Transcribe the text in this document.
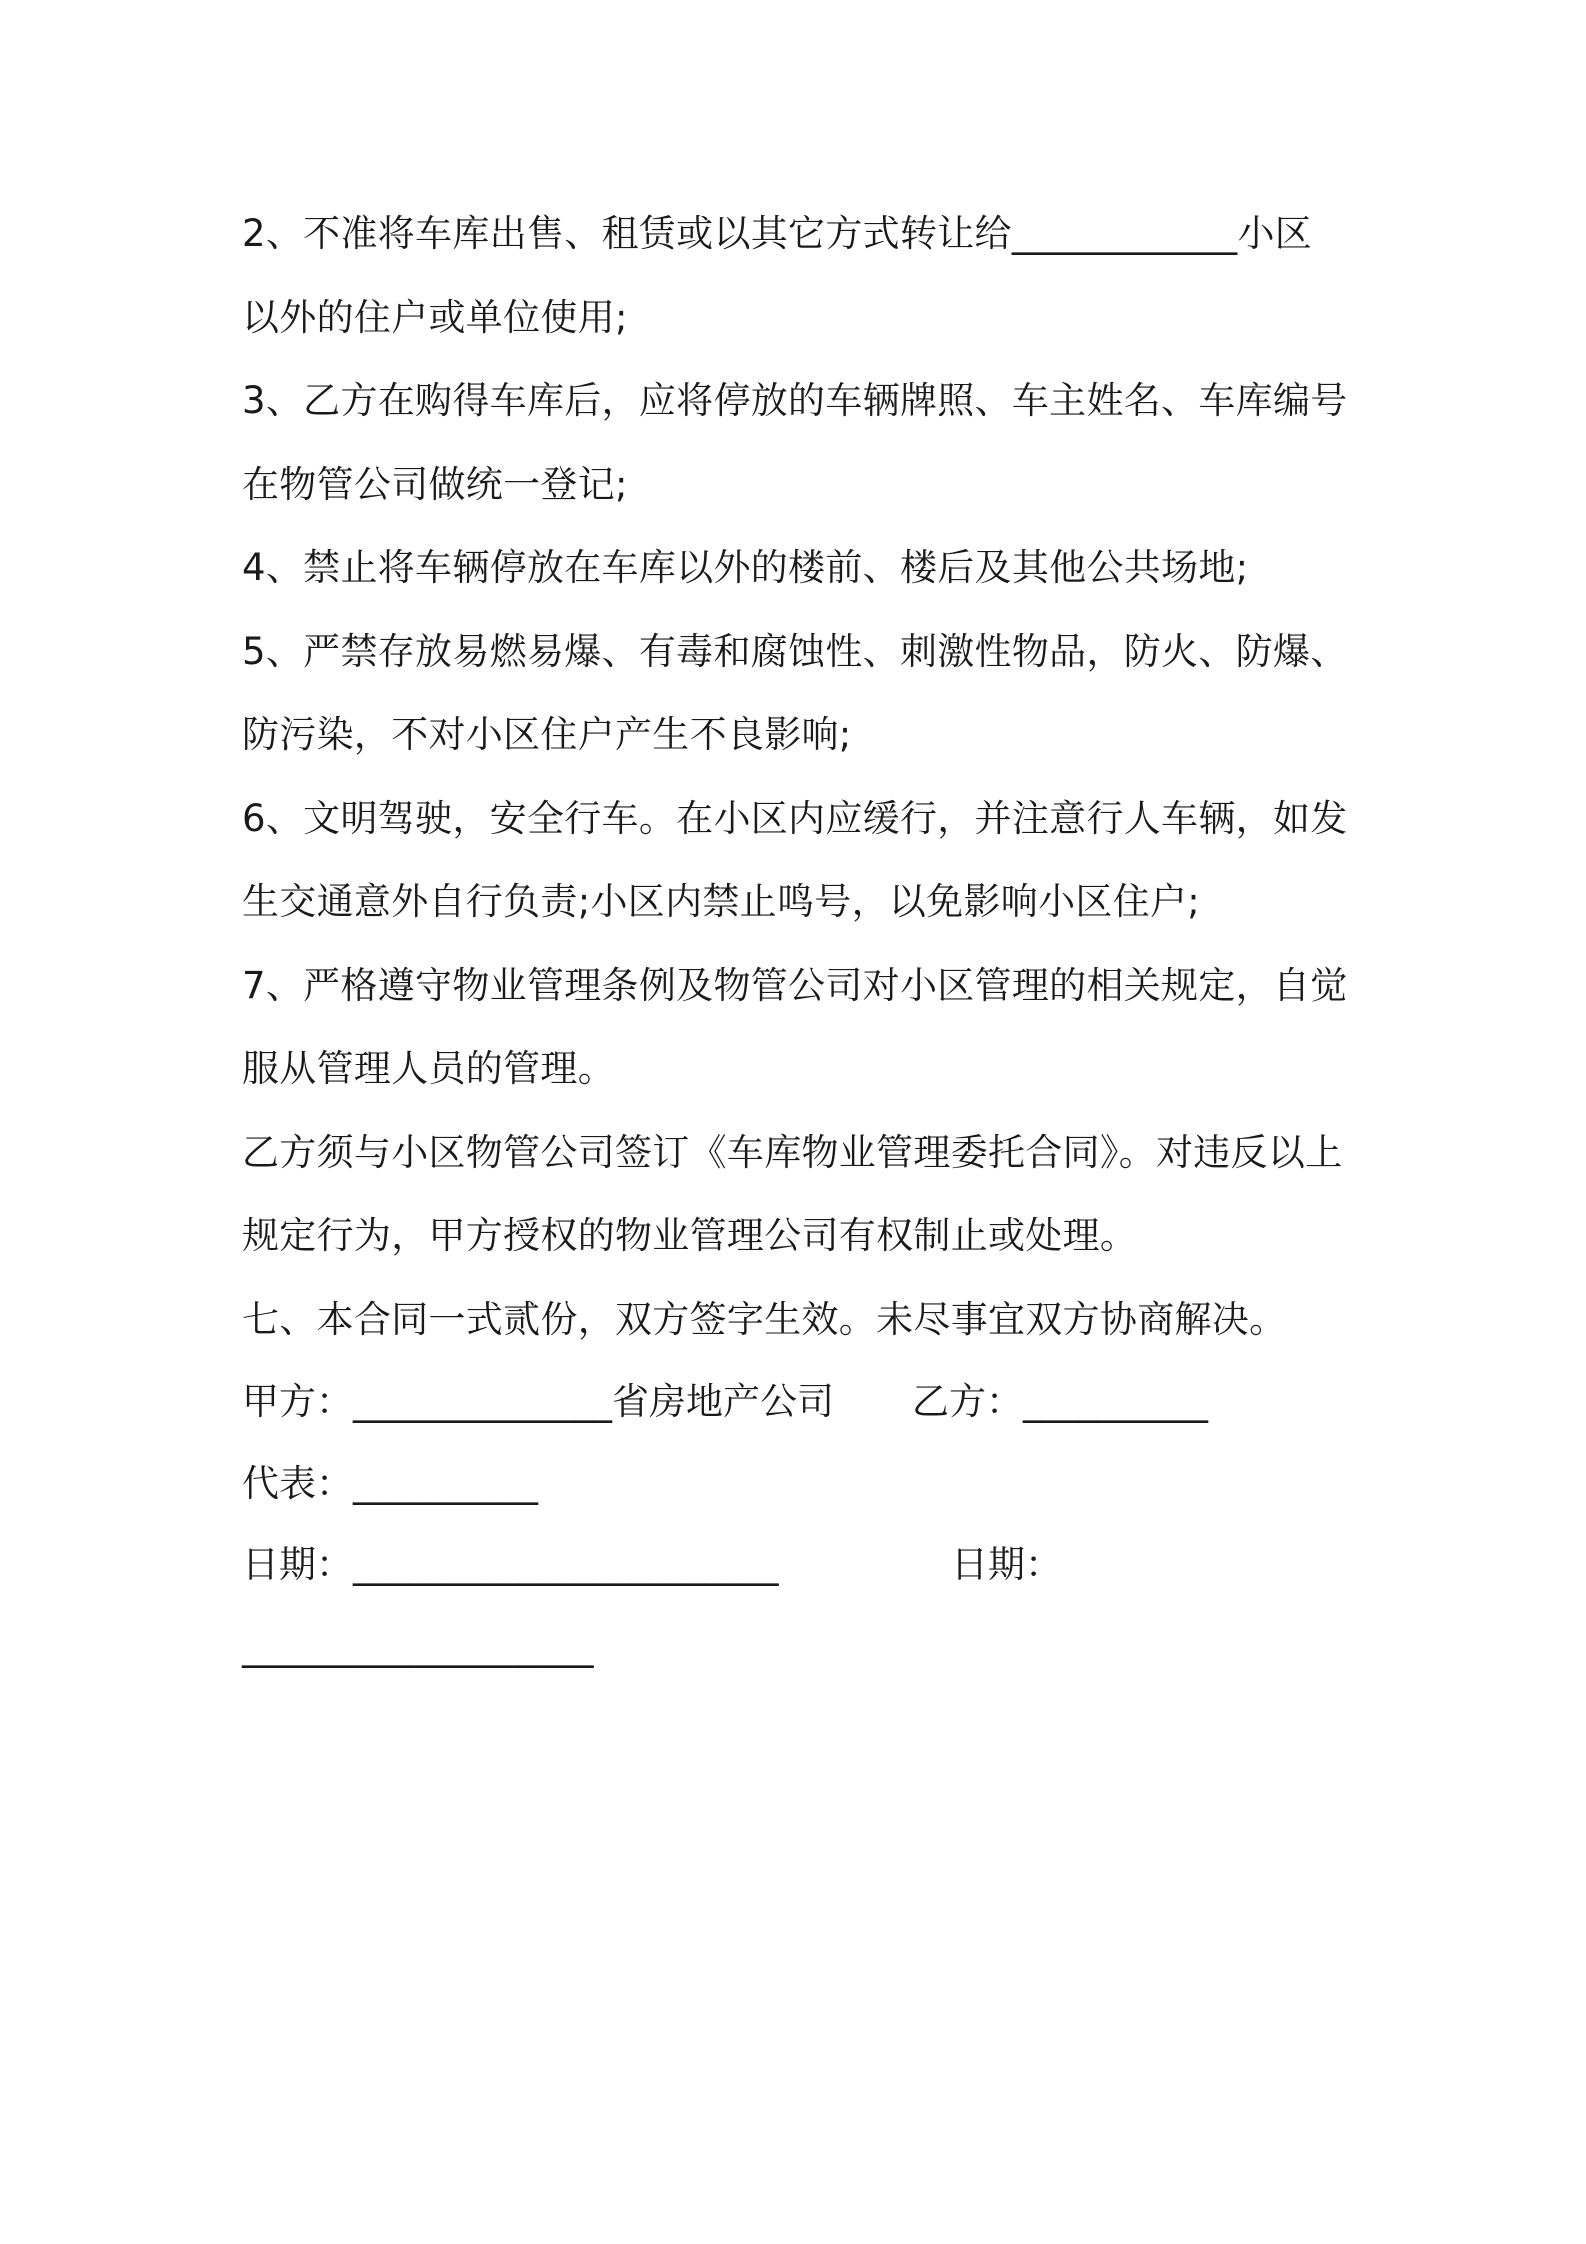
2、不准将车库出售、租赁或以其它方式转让给____________小区
以外的住户或单位使用;
3、乙方在购得车库后，应将停放的车辆牌照、车主姓名、车库编号
在物管公司做统一登记;
4、禁止将车辆停放在车库以外的楼前、楼后及其他公共场地;
5、严禁存放易燃易爆、有毒和腐蚀性、刺激性物品，防火、防爆、
防污染，不对小区住户产生不良影响;
6、文明驾驶，安全行车。在小区内应缓行，并注意行人车辆，如发
生交通意外自行负责;小区内禁止鸣号，以免影响小区住户;
7、严格遵守物业管理条例及物管公司对小区管理的相关规定，自觉
服从管理人员的管理。
乙方须与小区物管公司签订《车库物业管理委托合同》。对违反以上
规定行为，甲方授权的物业管理公司有权制止或处理。
七、本合同一式贰份，双方签字生效。未尽事宜双方协商解决。
甲方：______________省房地产公司 乙方：__________
代表：__________
日期：_______________________	日期：
___________________
